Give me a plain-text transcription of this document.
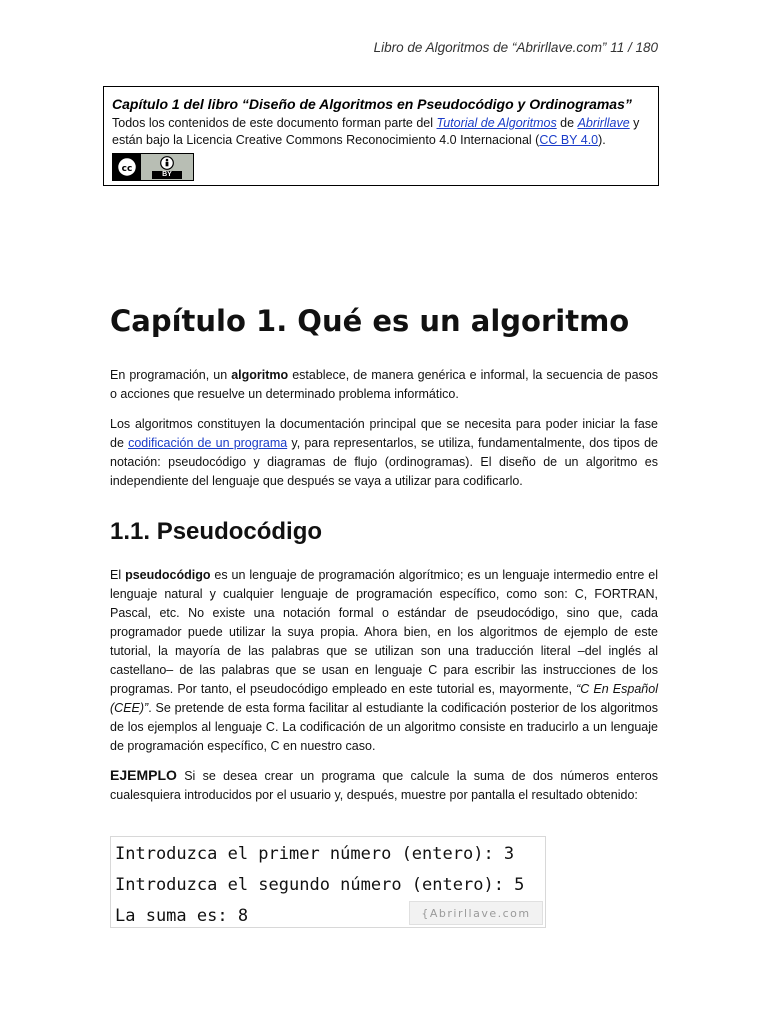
Libro de Algoritmos de “Abrirllave.com” 11 / 180
Capítulo 1 del libro “Diseño de Algoritmos en Pseudocódigo y Ordinogramas”
Todos los contenidos de este documento forman parte del Tutorial de Algoritmos de Abrirllave y están bajo la Licencia Creative Commons Reconocimiento 4.0 Internacional (CC BY 4.0).
cc	BY
Capítulo 1. Qué es un algoritmo

En programación, un algoritmo establece, de manera genérica e informal, la secuencia de pasos o acciones que resuelve un determinado problema informático.

Los algoritmos constituyen la documentación principal que se necesita para poder iniciar la fase de codificación de un programa y, para representarlos, se utiliza, fundamentalmente, dos tipos de notación: pseudocódigo y diagramas de flujo (ordinogramas). El diseño de un algoritmo es independiente del lenguaje que después se vaya a utilizar para codificarlo.

1.1. Pseudocódigo

El pseudocódigo es un lenguaje de programación algorítmico; es un lenguaje intermedio entre el lenguaje natural y cualquier lenguaje de programación específico, como son: C, FORTRAN, Pascal, etc. No existe una notación formal o estándar de pseudocódigo, sino que, cada programador puede utilizar la suya propia. Ahora bien, en los algoritmos de ejemplo de este tutorial, la mayoría de las palabras que se utilizan son una traducción literal –del inglés al castellano– de las palabras que se usan en lenguaje C para escribir las instrucciones de los programas. Por tanto, el pseudocódigo empleado en este tutorial es, mayormente, “C En Español (CEE)”. Se pretende de esta forma facilitar al estudiante la codificación posterior de los algoritmos de los ejemplos al lenguaje C. La codificación de un algoritmo consiste en traducirlo a un lenguaje de programación específico, C en nuestro caso.

EJEMPLO Si se desea crear un programa que calcule la suma de dos números enteros cualesquiera introducidos por el usuario y, después, muestre por pantalla el resultado obtenido:

Introduzca el primer número (entero): 3
Introduzca el segundo número (entero): 5
La suma es: 8	{Abrirllave.com
